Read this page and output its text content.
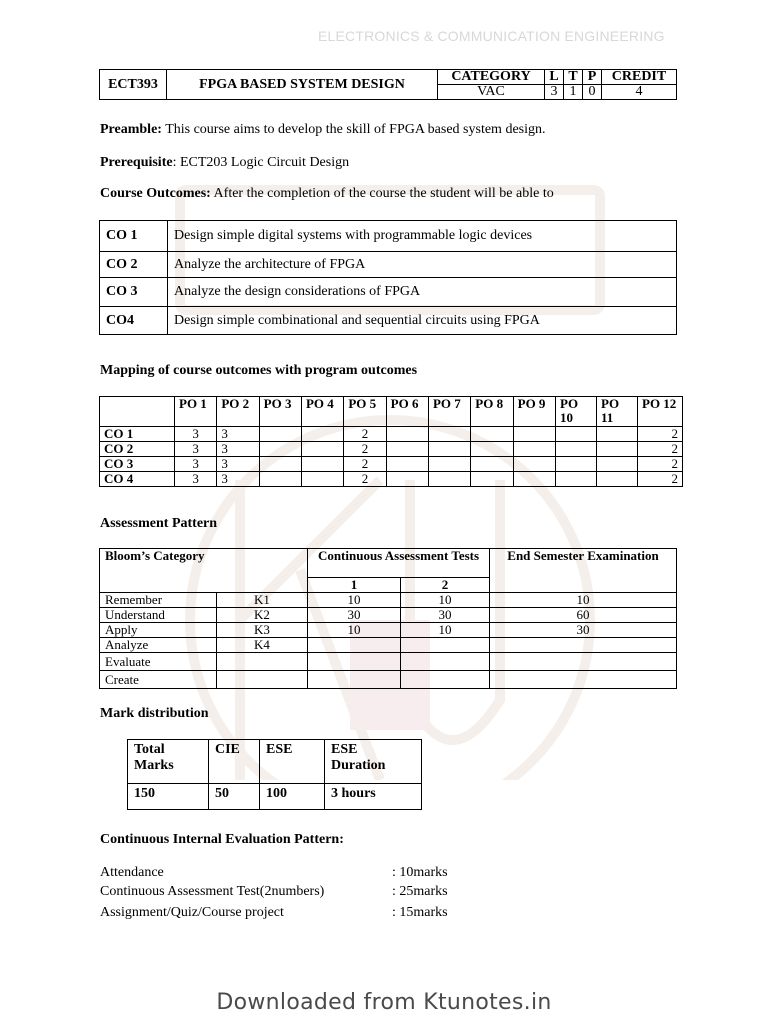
ELECTRONICS & COMMUNICATION ENGINEERING
ECT393	FPGA BASED SYSTEM DESIGN	CATEGORY	L	T	P	CREDIT
		VAC	3	1	0	4
Preamble: This course aims to develop the skill of FPGA based system design.
Prerequisite: ECT203 Logic Circuit Design
Course Outcomes: After the completion of the course the student will be able to
CO 1	Design simple digital systems with programmable logic devices
CO 2	Analyze the architecture of FPGA
CO 3	Analyze the design considerations of FPGA
CO4	Design simple combinational and sequential circuits using FPGA
Mapping of course outcomes with program outcomes
	PO 1	PO 2	PO 3	PO 4	PO 5	PO 6	PO 7	PO 8	PO 9	PO 10	PO 11	PO 12
CO 1	3	3			2							2
CO 2	3	3			2							2
CO 3	3	3			2							2
CO 4	3	3			2							2
Assessment Pattern
Bloom’s Category		Continuous Assessment Tests		End Semester Examination
		1	2	
Remember	K1	10	10	10
Understand	K2	30	30	60
Apply	K3	10	10	30
Analyze	K4			
Evaluate				
Create				
Mark distribution
Total Marks	CIE	ESE	ESE Duration
150	50	100	3 hours
Continuous Internal Evaluation Pattern:
Attendance	: 10marks
Continuous Assessment Test(2numbers)	: 25marks
Assignment/Quiz/Course project	: 15marks
Downloaded from Ktunotes.in
